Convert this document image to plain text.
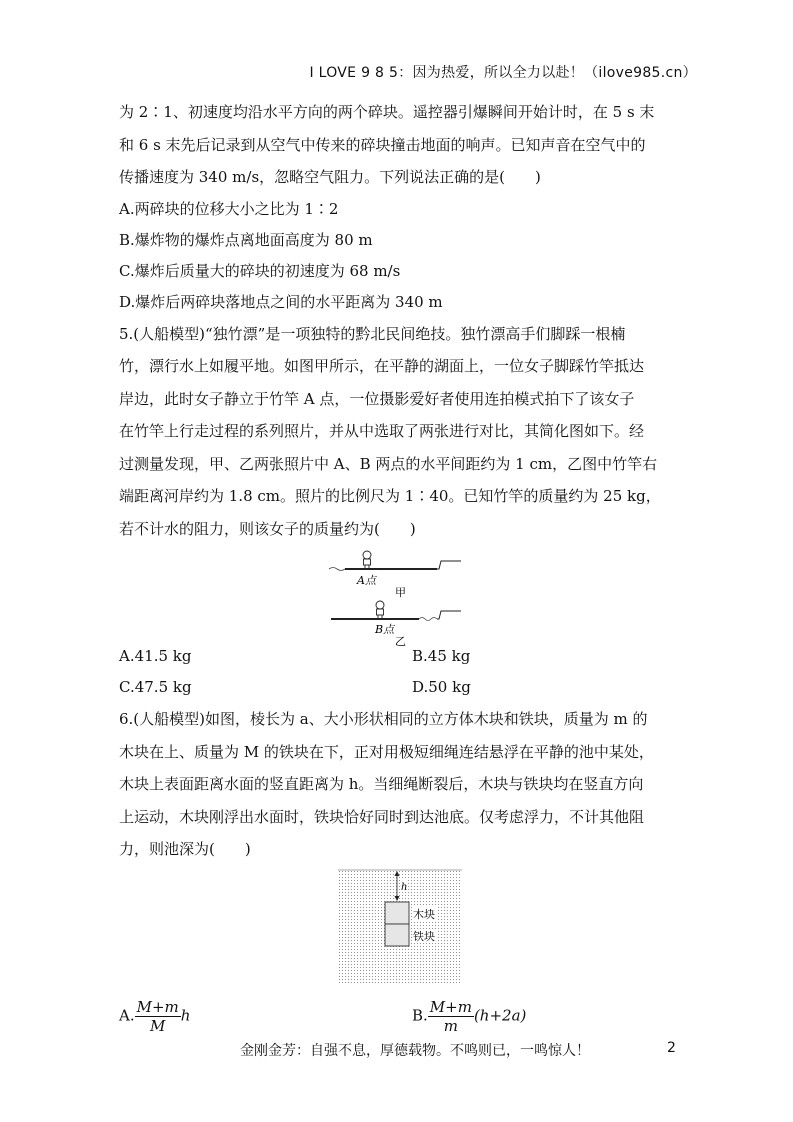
I LOVE 9 8 5：因为热爱，所以全力以赴！（ilove985.cn）
为 2∶1、初速度均沿水平方向的两个碎块。遥控器引爆瞬间开始计时，在 5 s 末
和 6 s 末先后记录到从空气中传来的碎块撞击地面的响声。已知声音在空气中的
传播速度为 340 m/s，忽略空气阻力。下列说法正确的是(　　)
A.两碎块的位移大小之比为 1∶2
B.爆炸物的爆炸点离地面高度为 80 m
C.爆炸后质量大的碎块的初速度为 68 m/s
D.爆炸后两碎块落地点之间的水平距离为 340 m
5.(人船模型)“独竹漂”是一项独特的黔北民间绝技。独竹漂高手们脚踩一根楠
竹，漂行水上如履平地。如图甲所示，在平静的湖面上，一位女子脚踩竹竿抵达
岸边，此时女子静立于竹竿 A 点，一位摄影爱好者使用连拍模式拍下了该女子
在竹竿上行走过程的系列照片，并从中选取了两张进行对比，其简化图如下。经
过测量发现，甲、乙两张照片中 A、B 两点的水平间距约为 1 cm，乙图中竹竿右
端距离河岸约为 1.8 cm。照片的比例尺为 1∶40。已知竹竿的质量约为 25 kg，
若不计水的阻力，则该女子的质量约为(　　)
A点
甲
B点
乙
A.41.5 kg	B.45 kg
C.47.5 kg	D.50 kg
6.(人船模型)如图，棱长为 a、大小形状相同的立方体木块和铁块，质量为 m 的
木块在上、质量为 M 的铁块在下，正对用极短细绳连结悬浮在平静的池中某处，
木块上表面距离水面的竖直距离为 h。当细绳断裂后，木块与铁块均在竖直方向
上运动，木块刚浮出水面时，铁块恰好同时到达池底。仅考虑浮力，不计其他阻
力，则池深为(　　)
h
木块
铁块
A. $\frac{M+m}{M}$ h	B. $\frac{M+m}{m} (h+2a)$
金刚金芳：自强不息，厚德载物。不鸣则已，一鸣惊人！	2
